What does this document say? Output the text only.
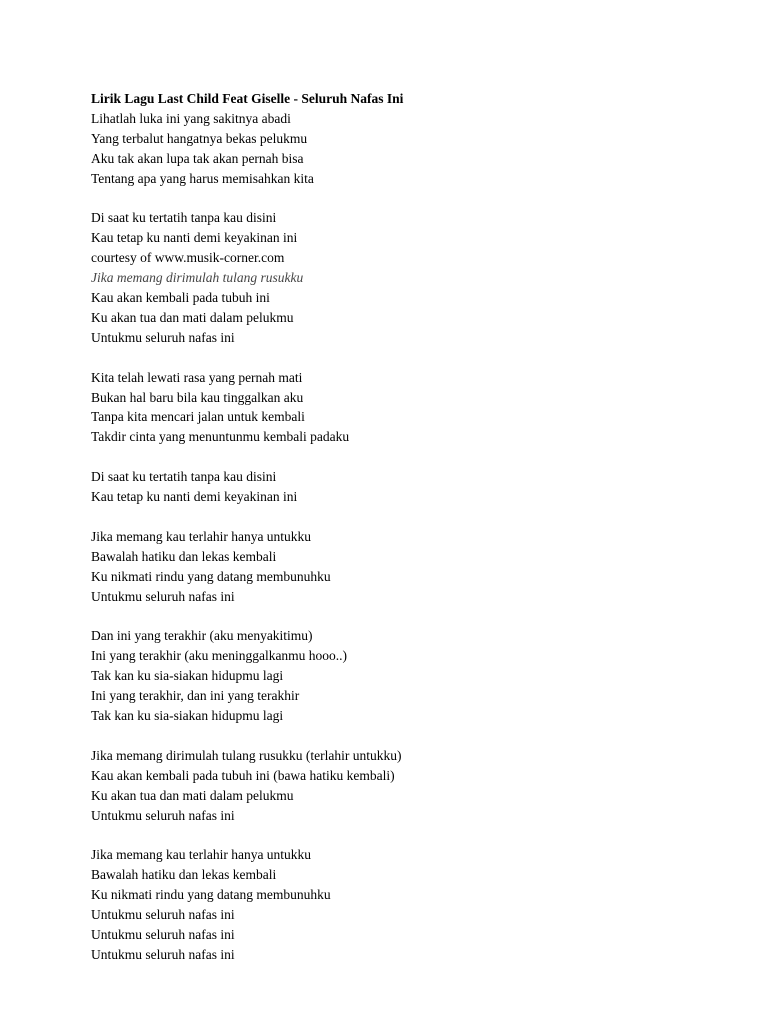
Lirik Lagu Last Child Feat Giselle - Seluruh Nafas Ini
Lihatlah luka ini yang sakitnya abadi
Yang terbalut hangatnya bekas pelukmu
Aku tak akan lupa tak akan pernah bisa
Tentang apa yang harus memisahkan kita
Di saat ku tertatih tanpa kau disini
Kau tetap ku nanti demi keyakinan ini
courtesy of www.musik-corner.com
Jika memang dirimulah tulang rusukku
Kau akan kembali pada tubuh ini
Ku akan tua dan mati dalam pelukmu
Untukmu seluruh nafas ini
Kita telah lewati rasa yang pernah mati
Bukan hal baru bila kau tinggalkan aku
Tanpa kita mencari jalan untuk kembali
Takdir cinta yang menuntunmu kembali padaku
Di saat ku tertatih tanpa kau disini
Kau tetap ku nanti demi keyakinan ini
Jika memang kau terlahir hanya untukku
Bawalah hatiku dan lekas kembali
Ku nikmati rindu yang datang membunuhku
Untukmu seluruh nafas ini
Dan ini yang terakhir (aku menyakitimu)
Ini yang terakhir (aku meninggalkanmu hooo..)
Tak kan ku sia-siakan hidupmu lagi
Ini yang terakhir, dan ini yang terakhir
Tak kan ku sia-siakan hidupmu lagi
Jika memang dirimulah tulang rusukku (terlahir untukku)
Kau akan kembali pada tubuh ini (bawa hatiku kembali)
Ku akan tua dan mati dalam pelukmu
Untukmu seluruh nafas ini
Jika memang kau terlahir hanya untukku
Bawalah hatiku dan lekas kembali
Ku nikmati rindu yang datang membunuhku
Untukmu seluruh nafas ini
Untukmu seluruh nafas ini
Untukmu seluruh nafas ini
